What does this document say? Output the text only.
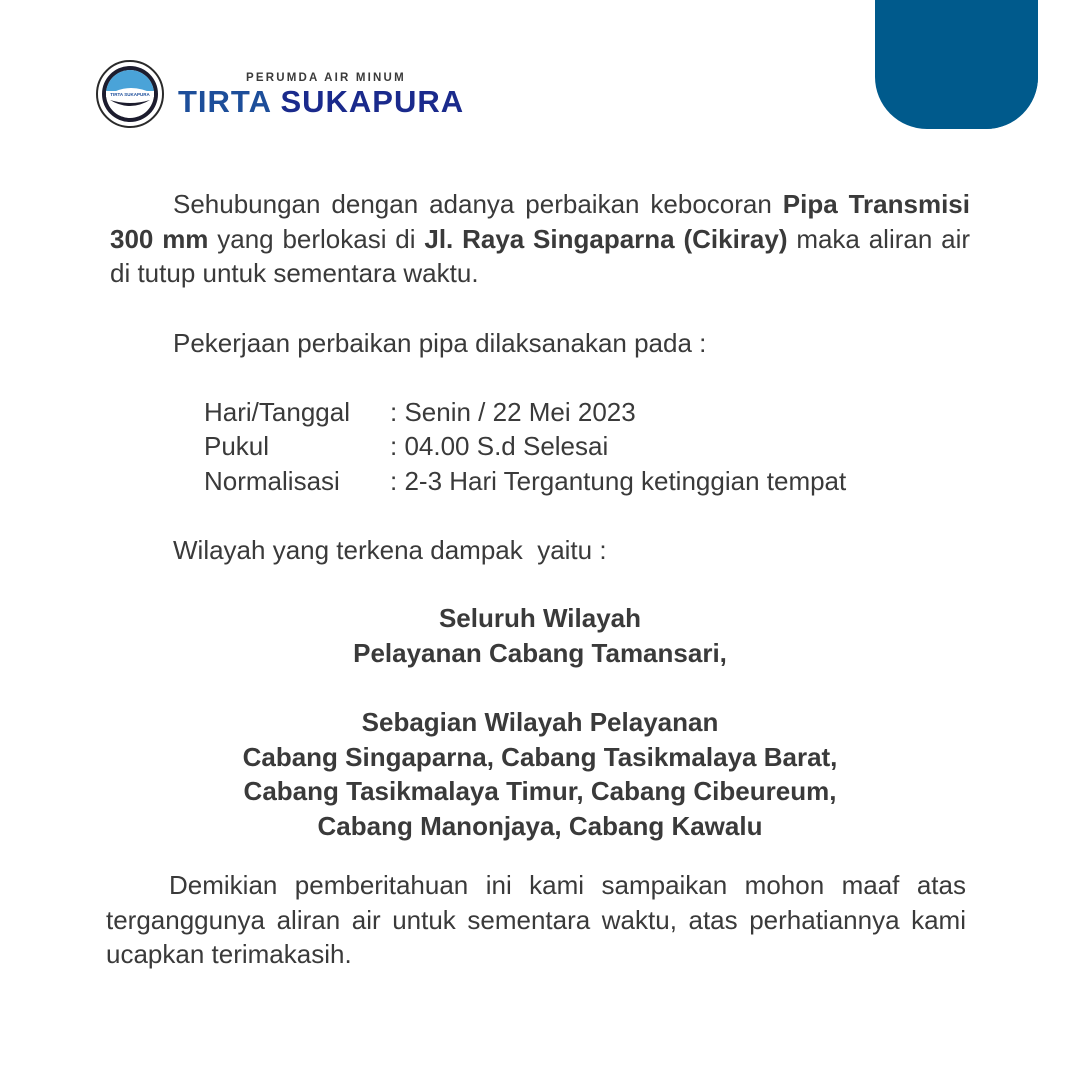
TIRTA SUKAPURA
PERUMDA AIR MINUM
TIRTA SUKAPURA

Sehubungan dengan adanya perbaikan kebocoran Pipa Transmisi 300 mm yang berlokasi di Jl. Raya Singaparna (Cikiray) maka aliran air di tutup untuk sementara waktu.

Pekerjaan perbaikan pipa dilaksanakan pada :

Hari/Tanggal : Senin / 22 Mei 2023
Pukul	: 04.00 S.d Selesai
Normalisasi : 2-3 Hari Tergantung ketinggian tempat

Wilayah yang terkena dampak  yaitu :

Seluruh Wilayah
Pelayanan Cabang Tamansari,
Sebagian Wilayah Pelayanan
Cabang Singaparna, Cabang Tasikmalaya Barat,
Cabang Tasikmalaya Timur, Cabang Cibeureum,
Cabang Manonjaya, Cabang Kawalu

Demikian pemberitahuan ini kami sampaikan mohon maaf atas terganggunya aliran air untuk sementara waktu, atas perhatiannya kami ucapkan terimakasih.
